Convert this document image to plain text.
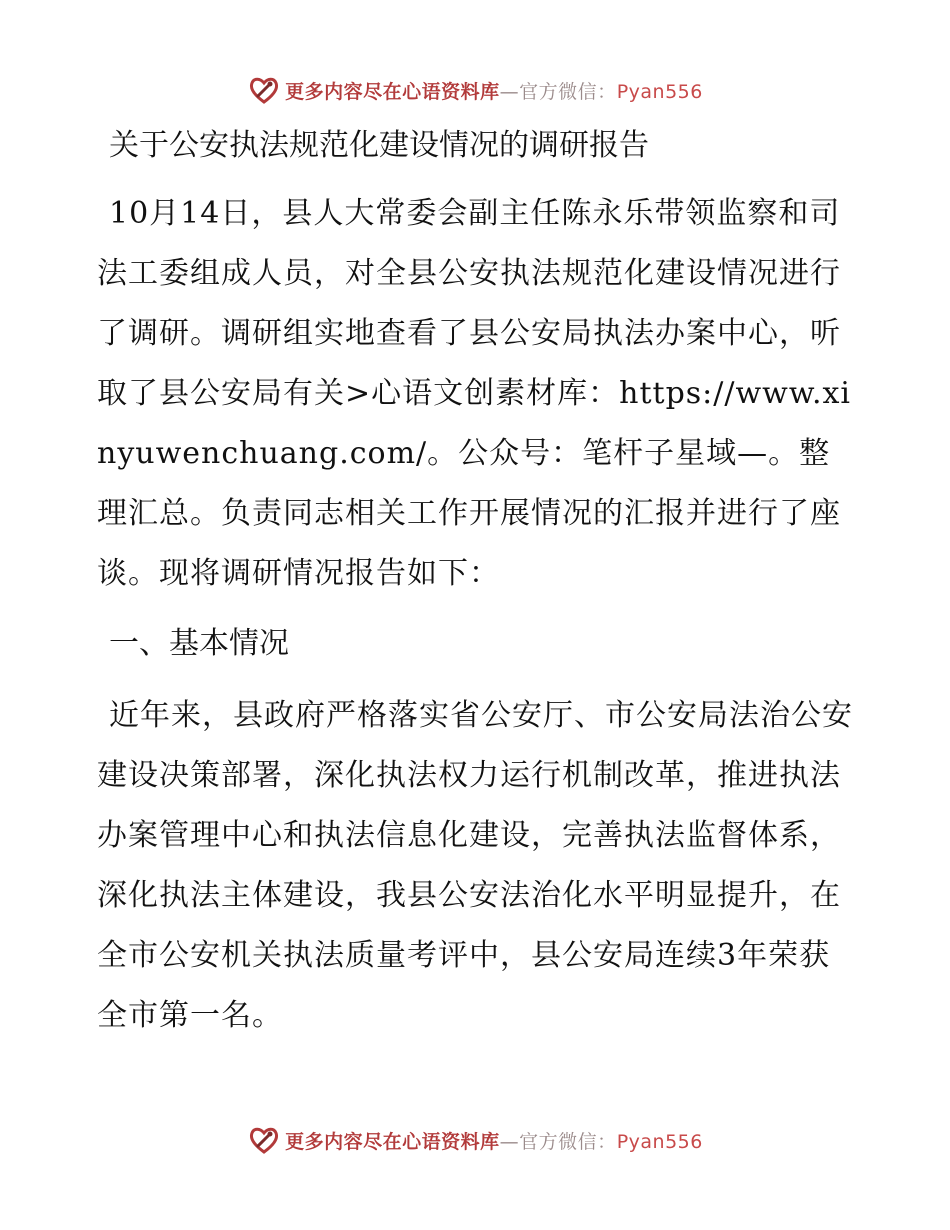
更多内容尽在心语资料库—官方微信：Pyan556
关于公安执法规范化建设情况的调研报告

10月14日，县人大常委会副主任陈永乐带领监察和司法工委组成人员，对全县公安执法规范化建设情况进行了调研。调研组实地查看了县公安局执法办案中心，听取了县公安局有关>心语文创素材库：https://www.xinyuwenchuang.com/。公众号：笔杆子星域—。整理汇总。负责同志相关工作开展情况的汇报并进行了座谈。现将调研情况报告如下：

一、基本情况

近年来，县政府严格落实省公安厅、市公安局法治公安建设决策部署，深化执法权力运行机制改革，推进执法办案管理中心和执法信息化建设，完善执法监督体系，深化执法主体建设，我县公安法治化水平明显提升，在全市公安机关执法质量考评中，县公安局连续3年荣获全市第一名。

更多内容尽在心语资料库—官方微信：Pyan556
